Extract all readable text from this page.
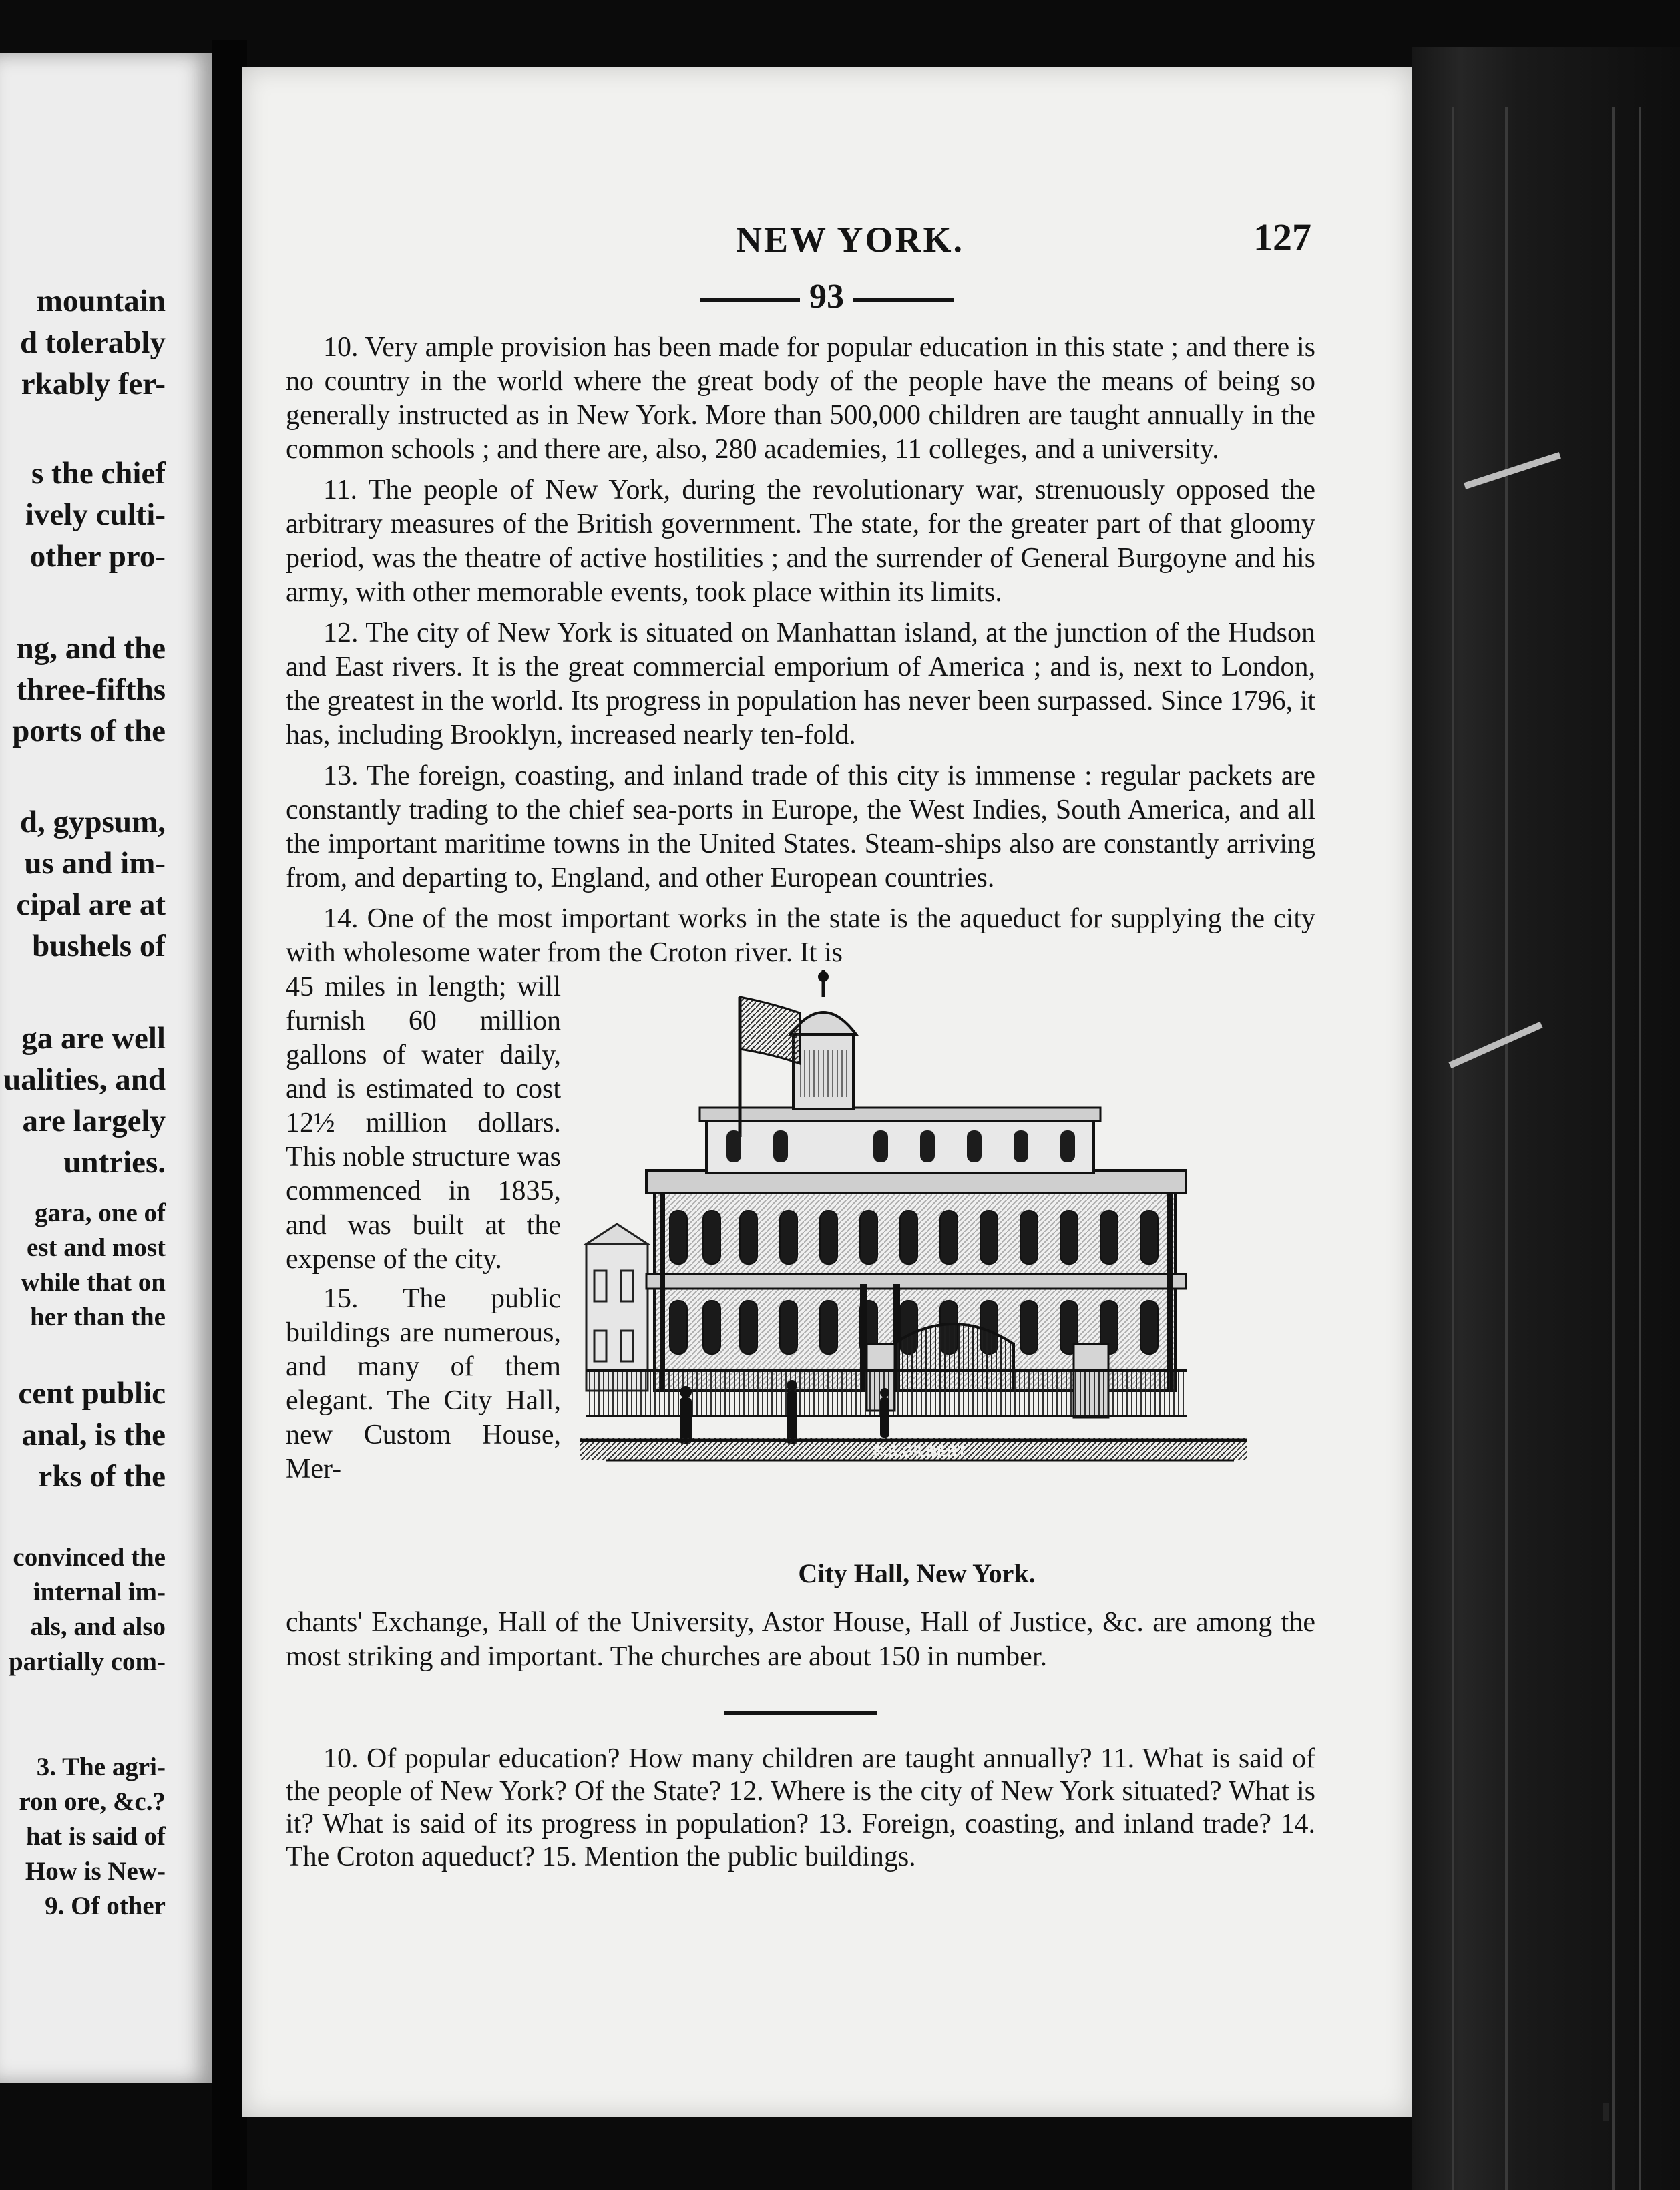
mountain
d tolerably
rkably fer-
s the chief
ively culti-
other pro-
ng, and the
three-fifths
ports of the
d, gypsum,
us and im-
cipal are at
bushels of
ga are well
ualities, and
are largely
untries.
gara, one of
est and most
while that on
her than the
cent public
anal, is the
rks of the
convinced the
internal im-
als, and also
partially com-
3. The agri-
ron ore, &c.?
hat is said of
How is New-
9. Of other
NEW YORK.	127
93

10. Very ample provision has been made for popular education in this state ; and there is no country in the world where the great body of the people have the means of being so generally instructed as in New York. More than 500,000 children are taught annually in the common schools ; and there are, also, 280 academies, 11 colleges, and a university.

11. The people of New York, during the revolutionary war, strenuously opposed the arbitrary measures of the British government. The state, for the greater part of that gloomy period, was the theatre of active hostilities ; and the surrender of General Burgoyne and his army, with other memorable events, took place within its limits.

12. The city of New York is situated on Manhattan island, at the junction of the Hudson and East rivers. It is the great commercial emporium of America ; and is, next to London, the greatest in the world. Its progress in population has never been surpassed. Since 1796, it has, including Brooklyn, increased nearly ten-fold.

13. The foreign, coasting, and inland trade of this city is immense : regular packets are constantly trading to the chief sea-ports in Europe, the West Indies, South America, and all the important maritime towns in the United States. Steam-ships also are constantly arriving from, and departing to, England, and other European countries.

14. One of the most important works in the state is the aqueduct for supplying the city with wholesome water from the Croton river. It is

45 miles in length; will furnish 60 million gallons of water daily, and is estimated to cost 12½ million dollars. This noble structure was commenced in 1835, and was built at the expense of the city.
15. The public buildings are numerous, and many of them elegant. The City Hall, new Custom House, Mer-
R.S.GILBERT
City Hall, New York.

chants' Exchange, Hall of the University, Astor House, Hall of Justice, &c. are among the most striking and important. The churches are about 150 in number.

10. Of popular education? How many children are taught annually? 11. What is said of the people of New York? Of the State? 12. Where is the city of New York situated? What is it? What is said of its progress in population? 13. Foreign, coasting, and inland trade? 14. The Croton aqueduct? 15. Mention the public buildings.
